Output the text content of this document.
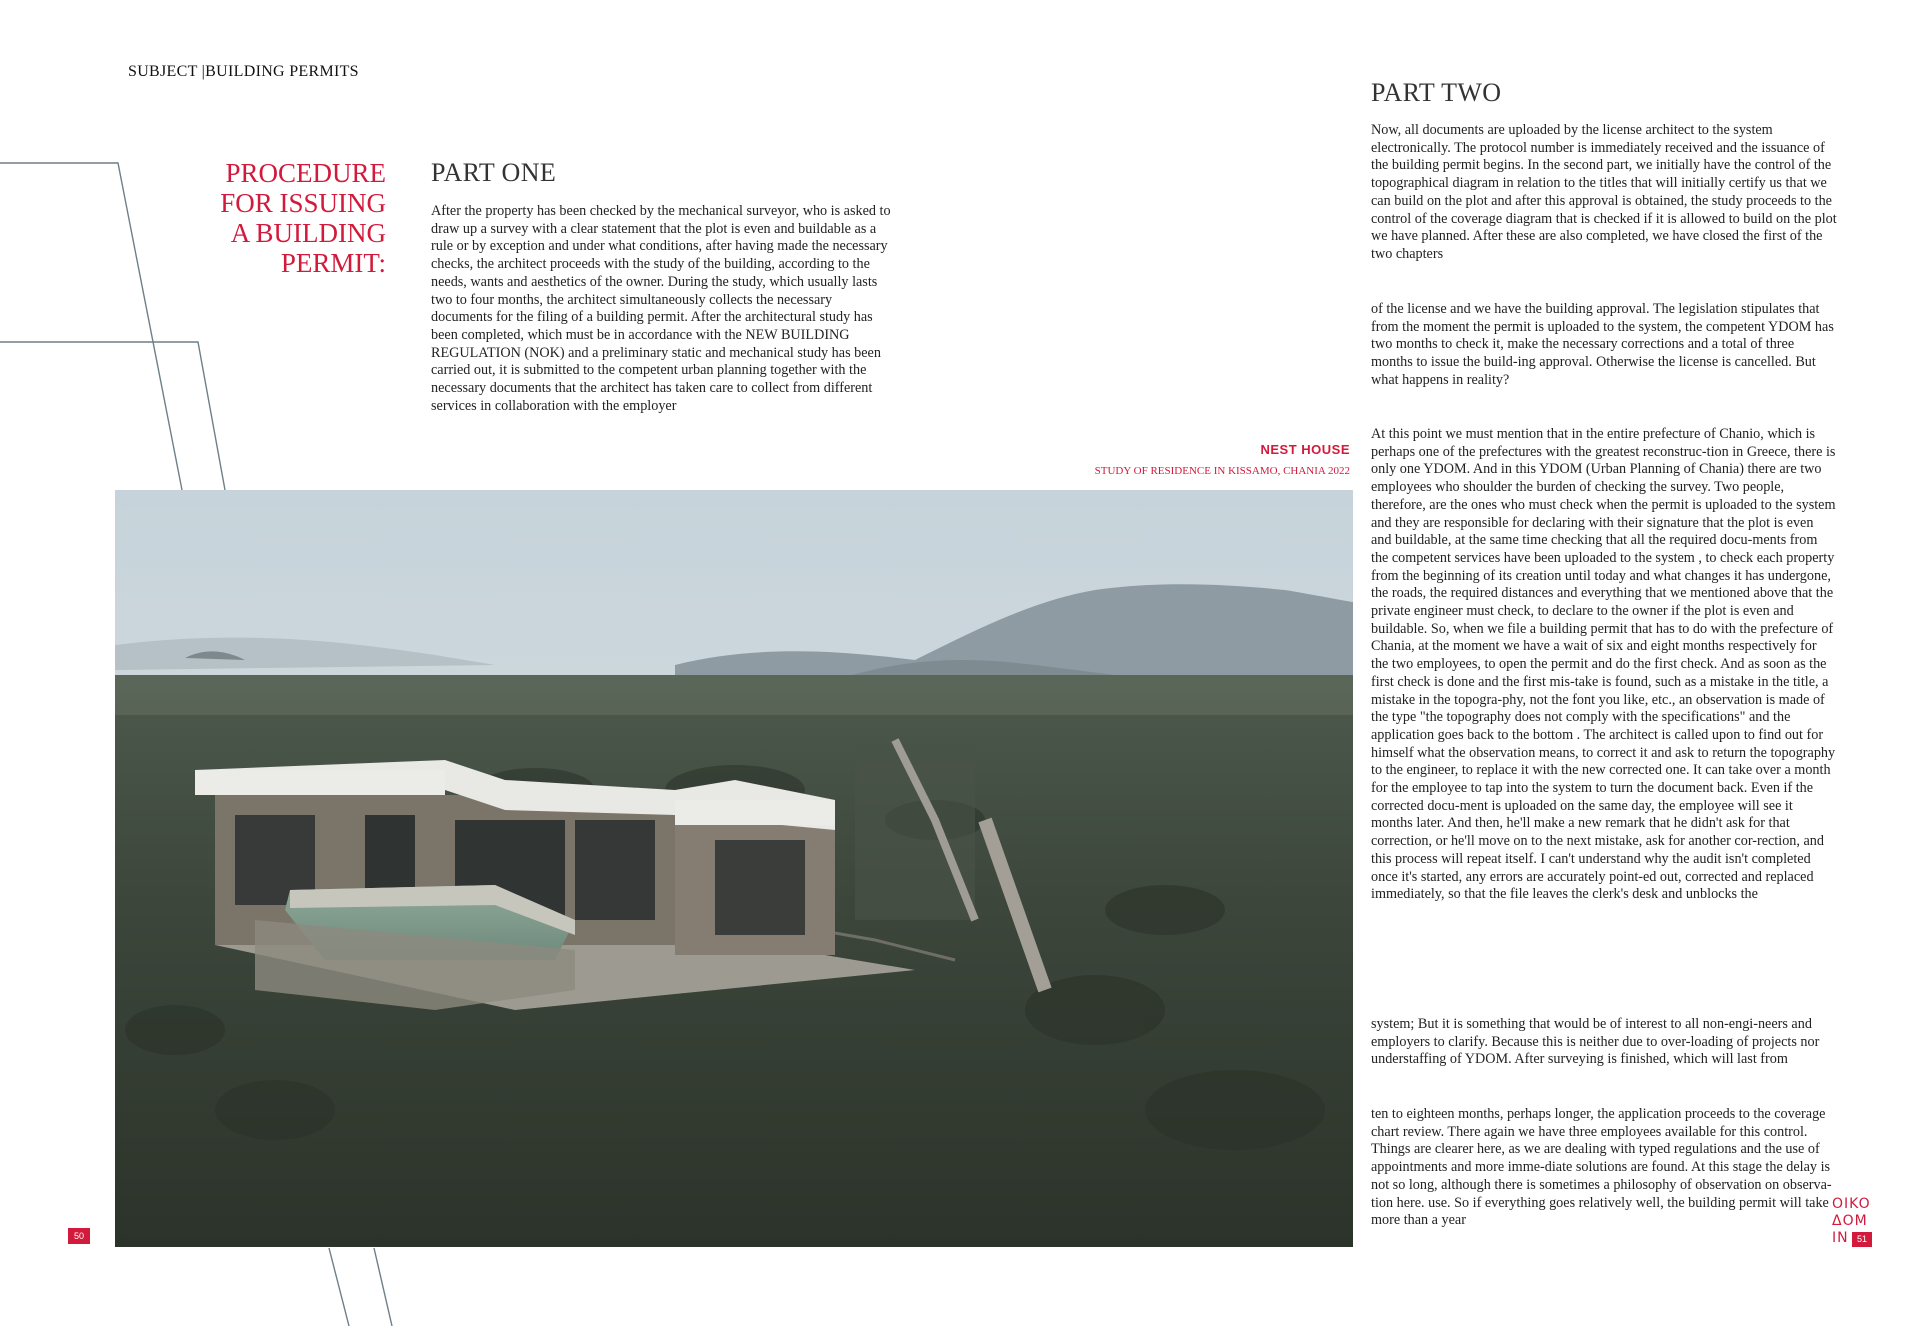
SUBJECT |BUILDING PERMITS
PROCEDURE
FOR ISSUING
A BUILDING
PERMIT:
PART ONE
After the property has been checked by the mechanical surveyor, who is asked to draw up a survey with a clear statement that the plot is even and buildable as a rule or by exception and under what conditions, after having made the necessary checks, the architect proceeds with the study of the building, according to the needs, wants and aesthetics of the owner. During the study, which usually lasts two to four months, the architect simultaneously collects the necessary documents for the filing of a building permit. After the architectural study has been completed, which must be in accordance with the NEW BUILDING REGULATION (NOK) and a preliminary static and mechanical study has been carried out, it is submitted to the competent urban planning together with the necessary documents that the architect has taken care to collect from different services in collaboration with the employer
NEST HOUSE
STUDY OF RESIDENCE IN KISSAMO, CHANIA 2022
PART TWO

Now, all documents are uploaded by the license architect to the system electronically. The protocol number is immediately received and the issuance of the building permit begins. In the second part, we initially have the control of the topographical diagram in relation to the titles that will initially certify us that we can build on the plot and after this approval is obtained, the study proceeds to the control of the coverage diagram that is checked if it is allowed to build on the plot we have planned. After these are also completed, we have closed the first of the two chapters

of the license and we have the building approval. The legislation stipulates that from the moment the permit is uploaded to the system, the competent YDOM has two months to check it, make the necessary corrections and a total of three months to issue the build-ing approval. Otherwise the license is cancelled. But what happens in reality?

At this point we must mention that in the entire prefecture of Chanio, which is perhaps one of the prefectures with the greatest reconstruc-tion in Greece, there is only one YDOM. And in this YDOM (Urban Planning of Chania) there are two employees who shoulder the burden of checking the survey. Two people, therefore, are the ones who must check when the permit is uploaded to the system and they are responsible for declaring with their signature that the plot is even and buildable, at the same time checking that all the required docu-ments from the competent services have been uploaded to the system , to check each property from the beginning of its creation until today and what changes it has undergone, the roads, the required distances and everything that we mentioned above that the private engineer must check, to declare to the owner if the plot is even and buildable. So, when we file a building permit that has to do with the prefecture of Chania, at the moment we have a wait of six and eight months respectively for the two employees, to open the permit and do the first check. And as soon as the first check is done and the first mis-take is found, such as a mistake in the title, a mistake in the topogra-phy, not the font you like, etc., an observation is made of the type "the topography does not comply with the specifications" and the application goes back to the bottom . The architect is called upon to find out for himself what the observation means, to correct it and ask to return the topography to the engineer, to replace it with the new corrected one. It can take over a month for the employee to tap into the system to turn the document back. Even if the corrected docu-ment is uploaded on the same day, the employee will see it months later. And then, he'll make a new remark that he didn't ask for that correction, or he'll move on to the next mistake, ask for another cor-rection, and this process will repeat itself. I can't understand why the audit isn't completed once it's started, any errors are accurately point-ed out, corrected and replaced immediately, so that the file leaves the clerk's desk and unblocks the

system; But it is something that would be of interest to all non-engi-neers and employers to clarify. Because this is neither due to over-loading of projects nor understaffing of YDOM. After surveying is finished, which will last from

ten to eighteen months, perhaps longer, the application proceeds to the coverage chart review. There again we have three employees available for this control. Things are clearer here, as we are dealing with typed regulations and the use of appointments and more imme-diate solutions are found. At this stage the delay is not so long, although there is sometimes a philosophy of observation on observa-tion here. use. So if everything goes relatively well, the building permit will take more than a year

50
OIKO
ΔΟΜ
IN 51
